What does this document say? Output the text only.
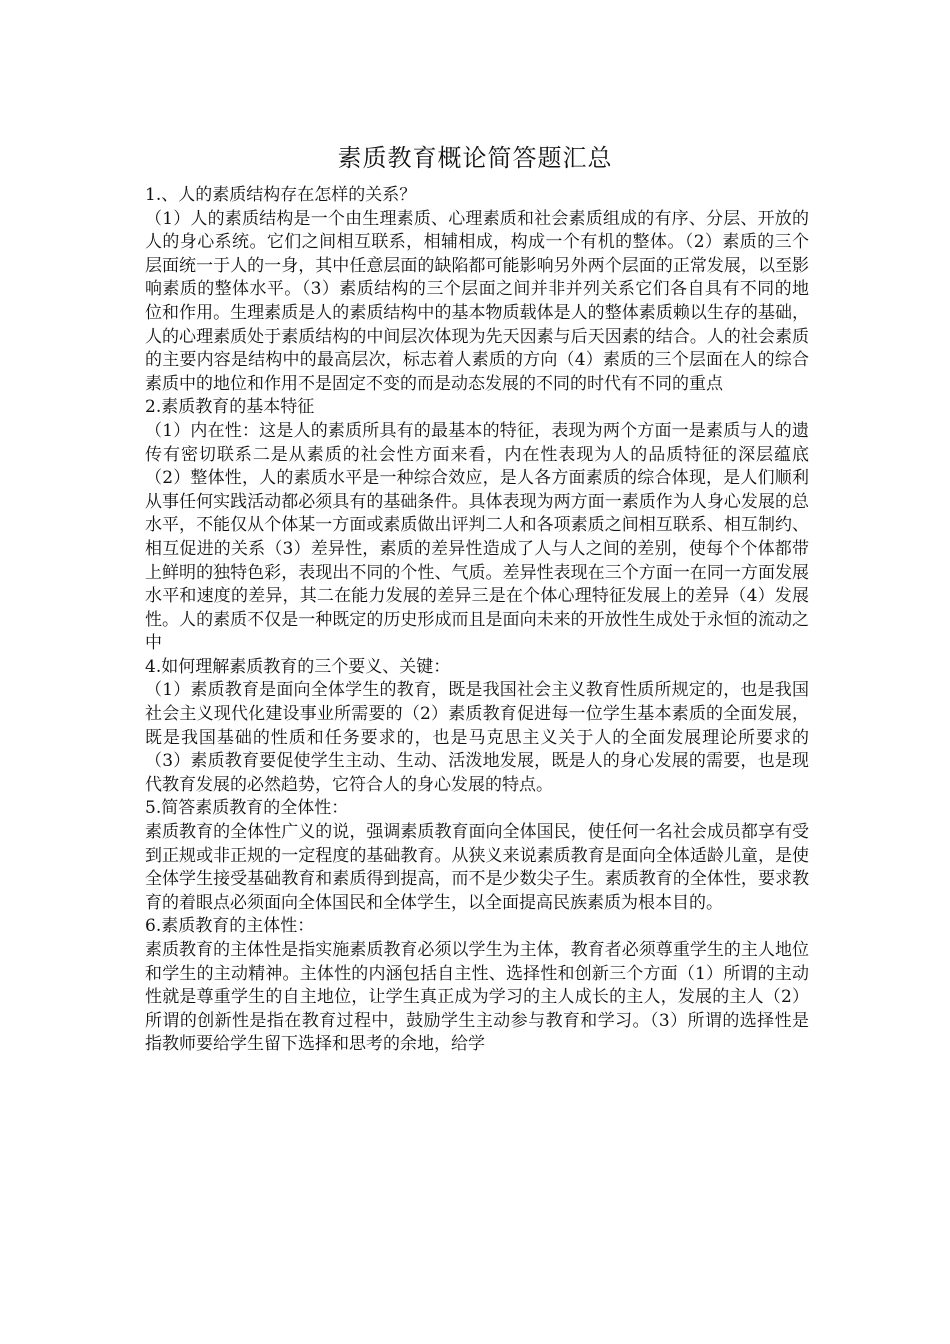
素质教育概论简答题汇总

1.、人的素质结构存在怎样的关系？

（1）人的素质结构是一个由生理素质、心理素质和社会素质组成的有序、分层、开放的人的身心系统。它们之间相互联系，相辅相成，构成一个有机的整体。（2）素质的三个层面统一于人的一身，其中任意层面的缺陷都可能影响另外两个层面的正常发展，以至影响素质的整体水平。（3）素质结构的三个层面之间并非并列关系它们各自具有不同的地位和作用。生理素质是人的素质结构中的基本物质载体是人的整体素质赖以生存的基础，人的心理素质处于素质结构的中间层次体现为先天因素与后天因素的结合。人的社会素质的主要内容是结构中的最高层次，标志着人素质的方向（4）素质的三个层面在人的综合素质中的地位和作用不是固定不变的而是动态发展的不同的时代有不同的重点

2.素质教育的基本特征

（1）内在性：这是人的素质所具有的最基本的特征，表现为两个方面一是素质与人的遗传有密切联系二是从素质的社会性方面来看，内在性表现为人的品质特征的深层蕴底（2）整体性，人的素质水平是一种综合效应，是人各方面素质的综合体现，是人们顺利从事任何实践活动都必须具有的基础条件。具体表现为两方面一素质作为人身心发展的总水平，不能仅从个体某一方面或素质做出评判二人和各项素质之间相互联系、相互制约、相互促进的关系（3）差异性，素质的差异性造成了人与人之间的差别，使每个个体都带上鲜明的独特色彩，表现出不同的个性、气质。差异性表现在三个方面一在同一方面发展水平和速度的差异，其二在能力发展的差异三是在个体心理特征发展上的差异（4）发展性。人的素质不仅是一种既定的历史形成而且是面向未来的开放性生成处于永恒的流动之中

4.如何理解素质教育的三个要义、关键：

（1）素质教育是面向全体学生的教育，既是我国社会主义教育性质所规定的，也是我国社会主义现代化建设事业所需要的（2）素质教育促进每一位学生基本素质的全面发展，既是我国基础的性质和任务要求的，也是马克思主义关于人的全面发展理论所要求的（3）素质教育要促使学生主动、生动、活泼地发展，既是人的身心发展的需要，也是现代教育发展的必然趋势，它符合人的身心发展的特点。

5.简答素质教育的全体性：

素质教育的全体性广义的说，强调素质教育面向全体国民，使任何一名社会成员都享有受到正规或非正规的一定程度的基础教育。从狭义来说素质教育是面向全体适龄儿童，是使全体学生接受基础教育和素质得到提高，而不是少数尖子生。素质教育的全体性，要求教育的着眼点必须面向全体国民和全体学生，以全面提高民族素质为根本目的。

6.素质教育的主体性：

素质教育的主体性是指实施素质教育必须以学生为主体，教育者必须尊重学生的主人地位和学生的主动精神。主体性的内涵包括自主性、选择性和创新三个方面（1）所谓的主动性就是尊重学生的自主地位，让学生真正成为学习的主人成长的主人，发展的主人（2）所谓的创新性是指在教育过程中，鼓励学生主动参与教育和学习。（3）所谓的选择性是指教师要给学生留下选择和思考的余地，给学
